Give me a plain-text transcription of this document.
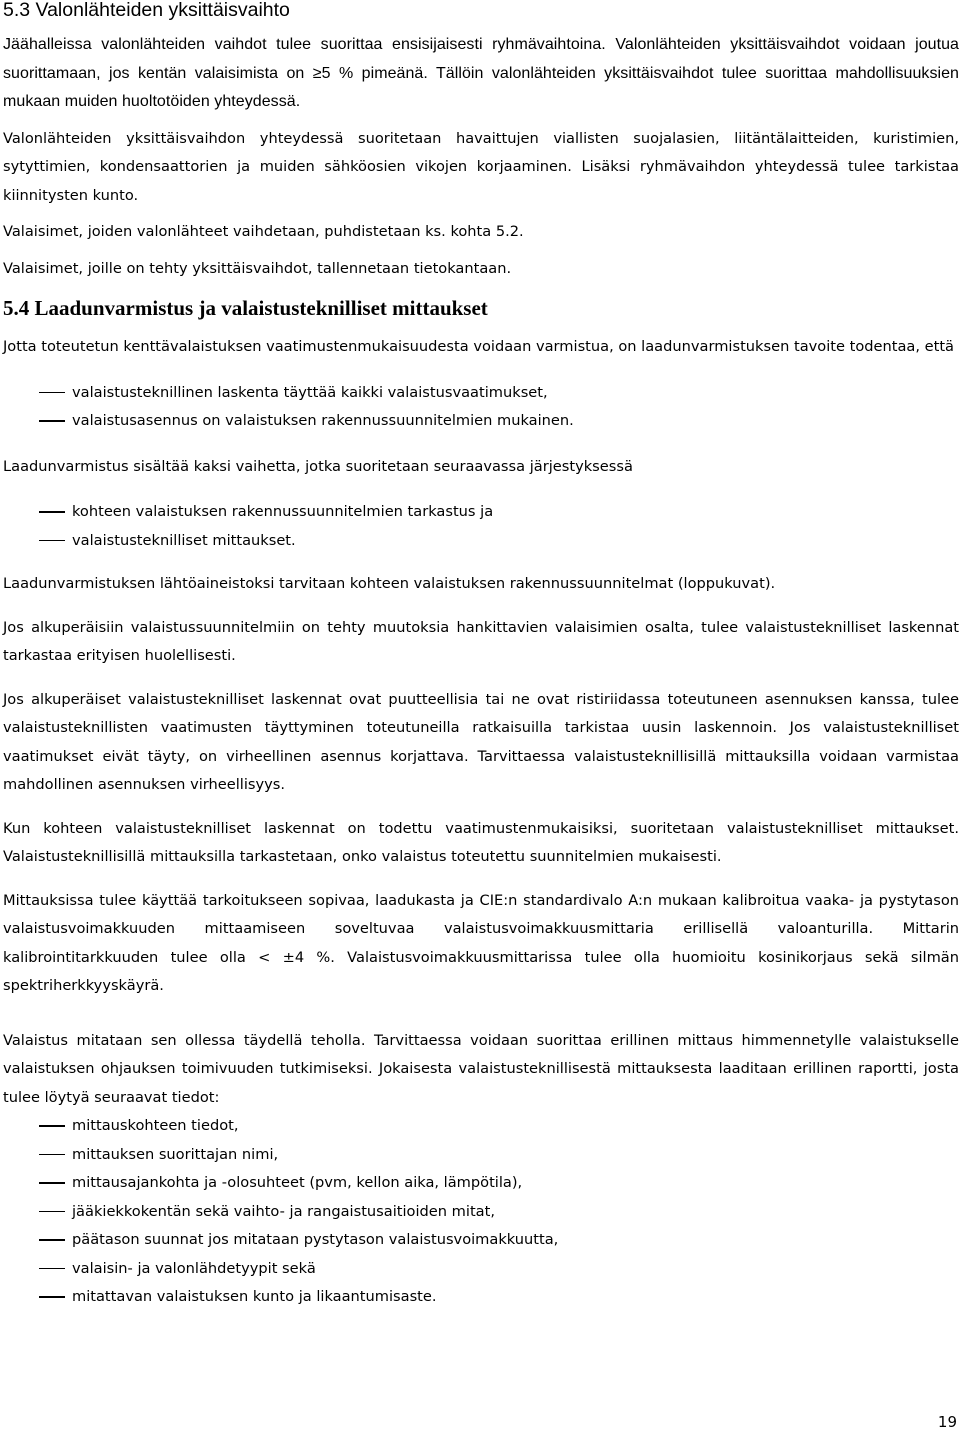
5.3 Valonlähteiden yksittäisvaihto

Jäähalleissa valonlähteiden vaihdot tulee suorittaa ensisijaisesti ryhmävaihtoina. Valonlähteiden yksittäisvaihdot voidaan joutua suorittamaan, jos kentän valaisimista on ≥5 % pimeänä. Tällöin valonlähteiden yksittäisvaihdot tulee suorittaa mahdollisuuksien mukaan muiden huoltotöiden yhteydessä.

Valonlähteiden yksittäisvaihdon yhteydessä suoritetaan havaittujen viallisten suojalasien, liitäntälaitteiden, kuristimien, sytyttimien, kondensaattorien ja muiden sähköosien vikojen korjaaminen. Lisäksi ryhmävaihdon yhteydessä tulee tarkistaa kiinnitysten kunto.

Valaisimet, joiden valonlähteet vaihdetaan, puhdistetaan ks. kohta 5.2.

Valaisimet, joille on tehty yksittäisvaihdot, tallennetaan tietokantaan.

5.4 Laadunvarmistus ja valaistusteknilliset mittaukset

Jotta toteutetun kenttävalaistuksen vaatimustenmukaisuudesta voidaan varmistua, on laadunvarmistuksen tavoite todentaa, että

valaistusteknillinen laskenta täyttää kaikki valaistusvaatimukset,
valaistusasennus on valaistuksen rakennussuunnitelmien mukainen.

Laadunvarmistus sisältää kaksi vaihetta, jotka suoritetaan seuraavassa järjestyksessä

kohteen valaistuksen rakennussuunnitelmien tarkastus ja
valaistusteknilliset mittaukset.

Laadunvarmistuksen lähtöaineistoksi tarvitaan kohteen valaistuksen rakennussuunnitelmat (loppukuvat).

Jos alkuperäisiin valaistussuunnitelmiin on tehty muutoksia hankittavien valaisimien osalta, tulee valaistusteknilliset laskennat tarkastaa erityisen huolellisesti.

Jos alkuperäiset valaistusteknilliset laskennat ovat puutteellisia tai ne ovat ristiriidassa toteutuneen asennuksen kanssa, tulee valaistusteknillisten vaatimusten täyttyminen toteutuneilla ratkaisuilla tarkistaa uusin laskennoin. Jos valaistusteknilliset vaatimukset eivät täyty, on virheellinen asennus korjattava. Tarvittaessa valaistusteknillisillä mittauksilla voidaan varmistaa mahdollinen asennuksen virheellisyys.

Kun kohteen valaistusteknilliset laskennat on todettu vaatimustenmukaisiksi, suoritetaan valaistusteknilliset mittaukset. Valaistusteknillisillä mittauksilla tarkastetaan, onko valaistus toteutettu suunnitelmien mukaisesti.

Mittauksissa tulee käyttää tarkoitukseen sopivaa, laadukasta ja CIE:n standardivalo A:n mukaan kalibroitua vaaka- ja pystytason valaistusvoimakkuuden mittaamiseen soveltuvaa valaistusvoimakkuusmittaria erillisellä valoanturilla. Mittarin kalibrointitarkkuuden tulee olla < ±4 %. Valaistusvoimakkuusmittarissa tulee olla huomioitu kosinikorjaus sekä silmän spektriherkkyyskäyrä.

Valaistus mitataan sen ollessa täydellä teholla. Tarvittaessa voidaan suorittaa erillinen mittaus himmennetylle valaistukselle valaistuksen ohjauksen toimivuuden tutkimiseksi. Jokaisesta valaistusteknillisestä mittauksesta laaditaan erillinen raportti, josta tulee löytyä seuraavat tiedot:

mittauskohteen tiedot,
mittauksen suorittajan nimi,
mittausajankohta ja -olosuhteet (pvm, kellon aika, lämpötila),
jääkiekkokentän sekä vaihto- ja rangaistusaitioiden mitat,
päätason suunnat jos mitataan pystytason valaistusvoimakkuutta,
valaisin- ja valonlähdetyypit sekä
mitattavan valaistuksen kunto ja likaantumisaste.
19
